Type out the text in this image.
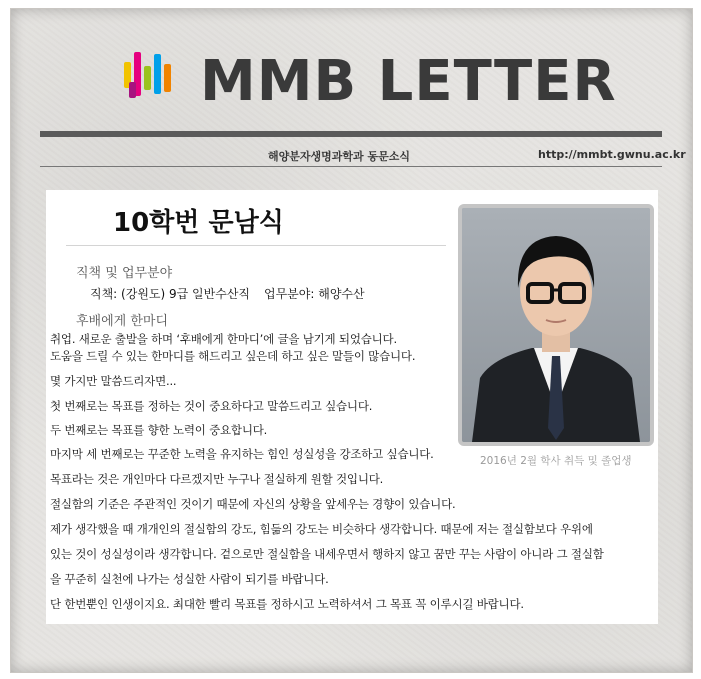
MMB LETTER
해양분자생명과학과 동문소식	http://mmbt.gwnu.ac.kr
10학번 문남식
직책 및 업무분야
직책: (강원도) 9급 일반수산직 업무분야: 해양수산
후배에게 한마디
취업. 새로운 출발을 하며 ‘후배에게 한마디’에 글을 남기게 되었습니다.
도움을 드릴 수 있는 한마디를 해드리고 싶은데 하고 싶은 말들이 많습니다.
몇 가지만 말씀드리자면...
첫 번째로는 목표를 정하는 것이 중요하다고 말씀드리고 싶습니다.
두 번째로는 목표를 향한 노력이 중요합니다.
마지막 세 번째로는 꾸준한 노력을 유지하는 힘인 성실성을 강조하고 싶습니다.
목표라는 것은 개인마다 다르겠지만 누구나 절실하게 원할 것입니다.
절실함의 기준은 주관적인 것이기 때문에 자신의 상황을 앞세우는 경향이 있습니다.
제가 생각했을 때 개개인의 절실함의 강도, 힘듦의 강도는 비슷하다 생각합니다. 때문에 저는 절실함보다 우위에
있는 것이 성실성이라 생각합니다. 겉으로만 절실함을 내세우면서 행하지 않고 꿈만 꾸는 사람이 아니라 그 절실함
을 꾸준히 실천에 나가는 성실한 사람이 되기를 바랍니다.
단 한번뿐인 인생이지요. 최대한 빨리 목표를 정하시고 노력하셔서 그 목표 꼭 이루시길 바랍니다.
2016년 2월 학사 취득 및 졸업생
